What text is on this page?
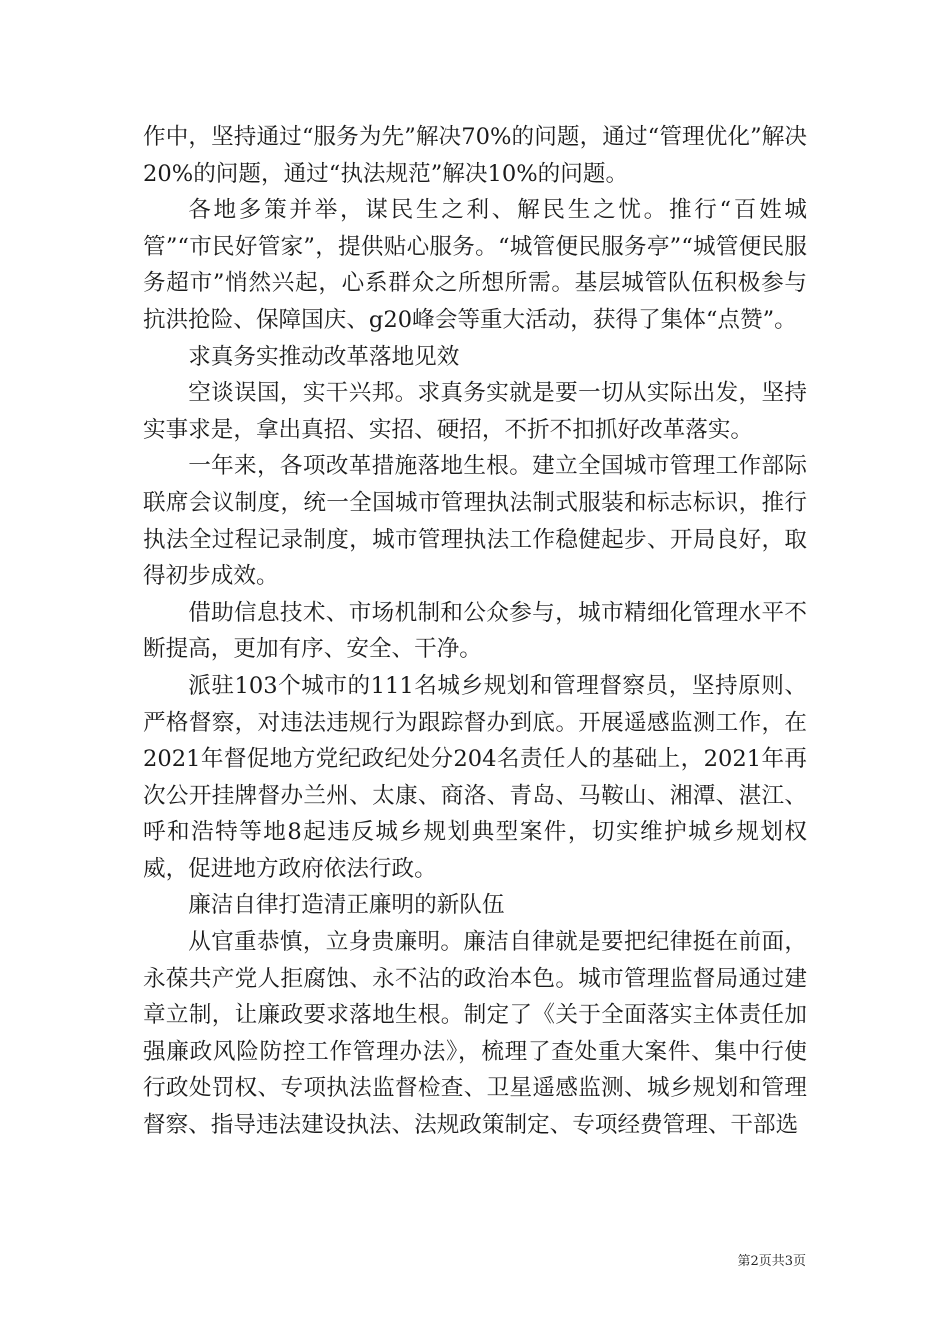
作中，坚持通过“服务为先”解决70%的问题，通过“管理优化”解决20%的问题，通过“执法规范”解决10%的问题。

各地多策并举，谋民生之利、解民生之忧。推行“百姓城管”“市民好管家”，提供贴心服务。“城管便民服务亭”“城管便民服务超市”悄然兴起，心系群众之所想所需。基层城管队伍积极参与抗洪抢险、保障国庆、g20峰会等重大活动，获得了集体“点赞”。

求真务实推动改革落地见效

空谈误国，实干兴邦。求真务实就是要一切从实际出发，坚持实事求是，拿出真招、实招、硬招，不折不扣抓好改革落实。

一年来，各项改革措施落地生根。建立全国城市管理工作部际联席会议制度，统一全国城市管理执法制式服装和标志标识，推行执法全过程记录制度，城市管理执法工作稳健起步、开局良好，取得初步成效。

借助信息技术、市场机制和公众参与，城市精细化管理水平不断提高，更加有序、安全、干净。

派驻103个城市的111名城乡规划和管理督察员，坚持原则、严格督察，对违法违规行为跟踪督办到底。开展遥感监测工作，在2021年督促地方党纪政纪处分204名责任人的基础上，2021年再次公开挂牌督办兰州、太康、商洛、青岛、马鞍山、湘潭、湛江、呼和浩特等地8起违反城乡规划典型案件，切实维护城乡规划权威，促进地方政府依法行政。

廉洁自律打造清正廉明的新队伍

从官重恭慎，立身贵廉明。廉洁自律就是要把纪律挺在前面，永葆共产党人拒腐蚀、永不沾的政治本色。城市管理监督局通过建章立制，让廉政要求落地生根。制定了《关于全面落实主体责任加强廉政风险防控工作管理办法》，梳理了查处重大案件、集中行使行政处罚权、专项执法监督检查、卫星遥感监测、城乡规划和管理督察、指导违法建设执法、法规政策制定、专项经费管理、干部选

第2页共3页
